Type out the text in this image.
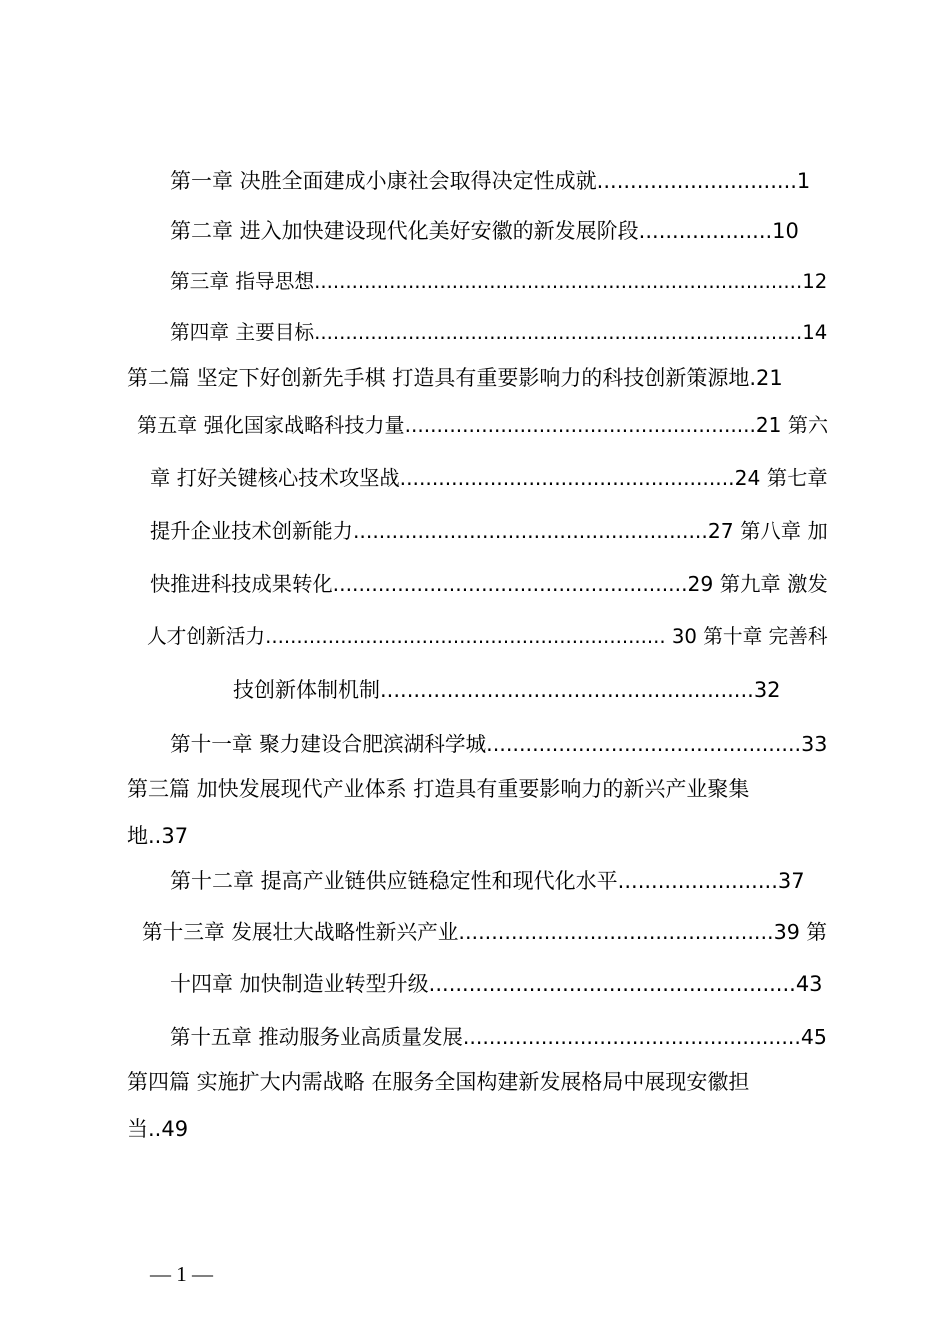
第一章 决胜全面建成小康社会取得决定性成就..............................1
第二章 进入加快建设现代化美好安徽的新发展阶段....................10
第三章 指导思想..............................................................................12
第四章 主要目标..............................................................................14
第二篇 坚定下好创新先手棋 打造具有重要影响力的科技创新策源地.21
第五章 强化国家战略科技力量.......................................................21 第六
章 打好关键核心技术攻坚战....................................................24 第七章
提升企业技术创新能力.......................................................27 第八章 加
快推进科技成果转化.......................................................29 第九章 激发
人才创新活力................................................................ 30 第十章 完善科
技创新体制机制........................................................32
第十一章 聚力建设合肥滨湖科学城................................................33
第三篇 加快发展现代产业体系 打造具有重要影响力的新兴产业聚集
地..37
第十二章 提高产业链供应链稳定性和现代化水平........................37
第十三章 发展壮大战略性新兴产业................................................39 第
十四章 加快制造业转型升级.......................................................43
第十五章 推动服务业高质量发展....................................................45
第四篇 实施扩大内需战略 在服务全国构建新发展格局中展现安徽担
当..49
— 1 —
